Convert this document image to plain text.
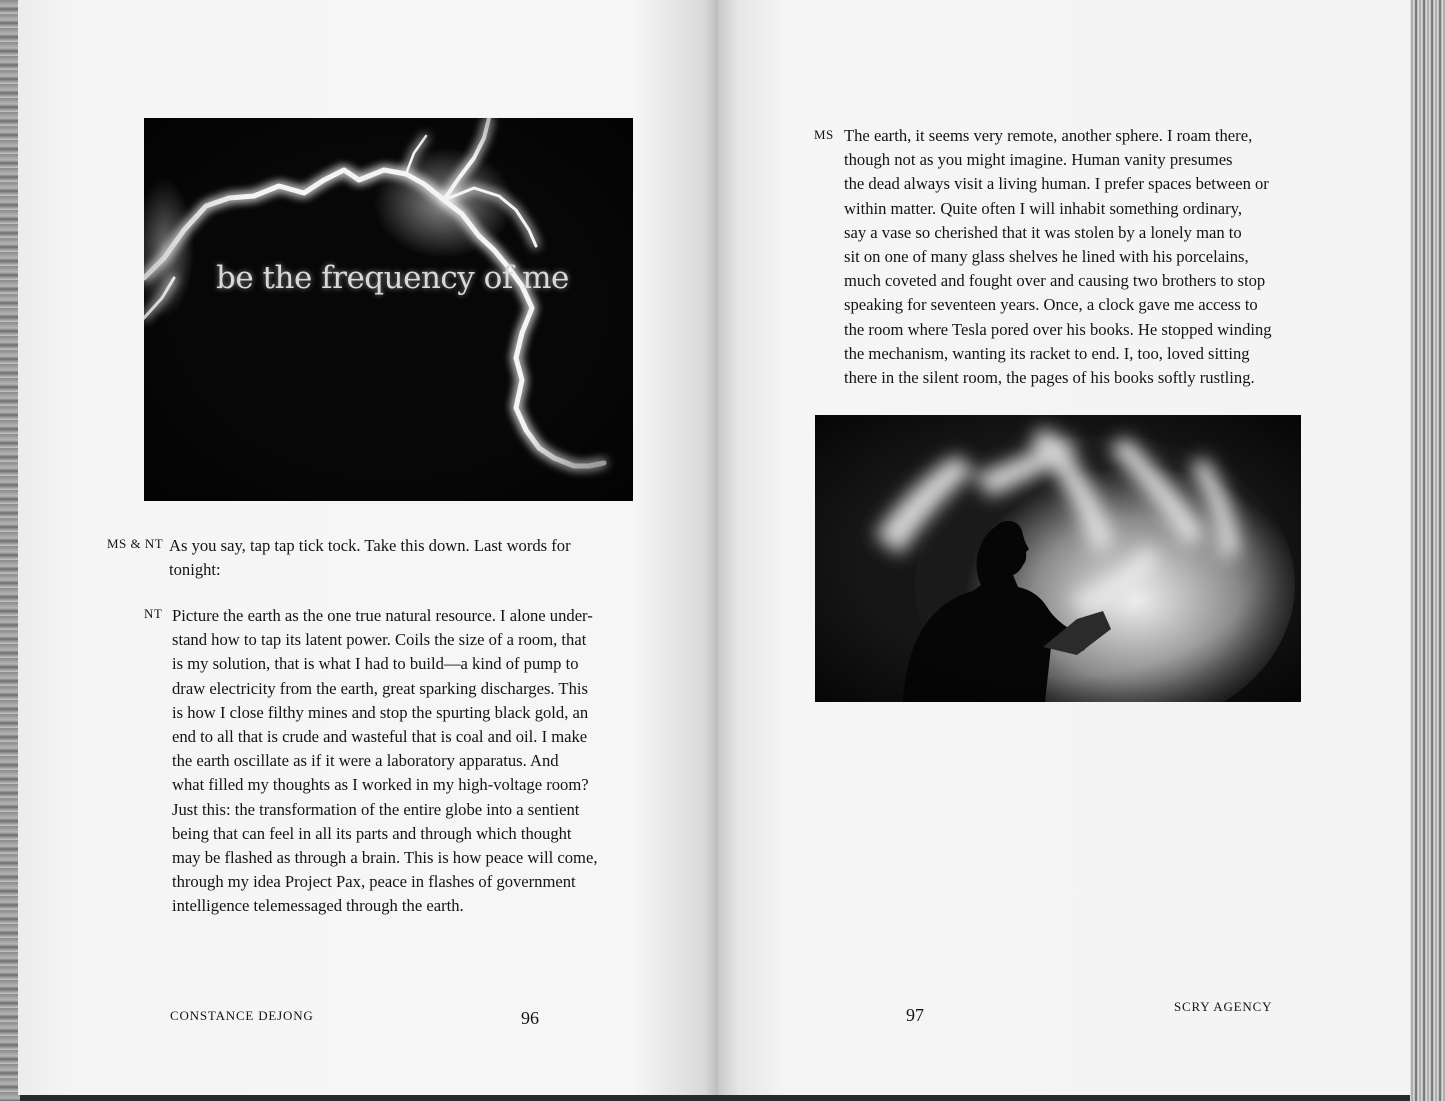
be the frequency of me
MS & NT As you say, tap tap tick tock. Take this down. Last words for
tonight:
NT Picture the earth as the one true natural resource. I alone under-
stand how to tap its latent power. Coils the size of a room, that
is my solution, that is what I had to build—a kind of pump to
draw electricity from the earth, great sparking discharges. This
is how I close filthy mines and stop the spurting black gold, an
end to all that is crude and wasteful that is coal and oil. I make
the earth oscillate as if it were a laboratory apparatus. And
what filled my thoughts as I worked in my high-voltage room?
Just this: the transformation of the entire globe into a sentient
being that can feel in all its parts and through which thought
may be flashed as through a brain. This is how peace will come,
through my idea Project Pax, peace in flashes of government
intelligence telemessaged through the earth.
CONSTANCE DEJONG	96
MS The earth, it seems very remote, another sphere. I roam there,
though not as you might imagine. Human vanity presumes
the dead always visit a living human. I prefer spaces between or
within matter. Quite often I will inhabit something ordinary,
say a vase so cherished that it was stolen by a lonely man to
sit on one of many glass shelves he lined with his porcelains,
much coveted and fought over and causing two brothers to stop
speaking for seventeen years. Once, a clock gave me access to
the room where Tesla pored over his books. He stopped winding
the mechanism, wanting its racket to end. I, too, loved sitting
there in the silent room, the pages of his books softly rustling.
97	SCRY AGENCY
